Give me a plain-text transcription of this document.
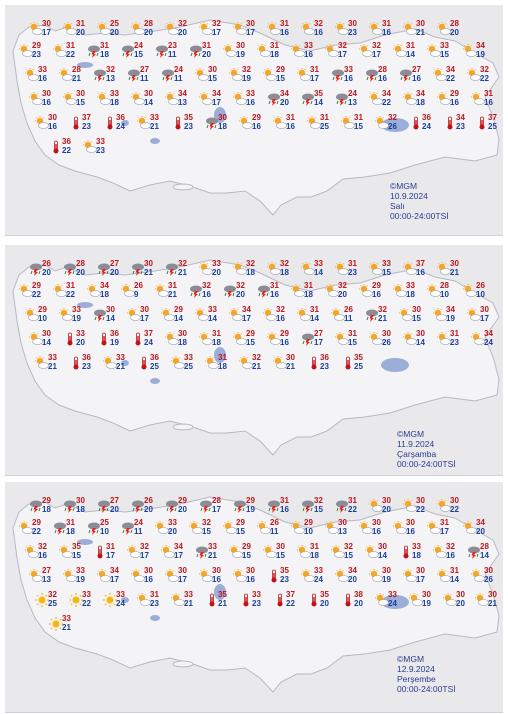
30
17
31
20
25
20
28
20
32
20
32
17
30
17
31
16
32
16
30
23
31
16
30
21
28
20
29
23
31
22
31
18
24
15
23
11
31
20
30
19
31
18
33
16
32
17
32
17
31
14
33
15
34
19
33
16
28
21
32
13
27
11
24
11
30
15
32
19
29
15
31
17
33
16
28
16
27
16
34
22
32
22
30
16
30
15
33
18
30
14
34
13
34
17
33
16
34
20
35
14
24
13
34
22
34
18
29
16
31
16
30
16
37
23
36
24
33
21
35
23
30
18
29
16
31
16
31
25
31
15
32
26
36
24
34
23
37
25
36
22
33
23
©MGM
10.9.2024
Salı
00:00-24:00TSİ
26
20
28
20
27
20
30
21
32
21
33
20
32
18
32
18
33
14
31
23
33
15
37
16
30
21
29
22
31
22
34
18
26
9
31
21
32
16
32
20
31
16
31
18
32
20
29
16
33
18
28
10
26
10
29
10
33
19
30
14
30
17
29
14
33
14
34
17
32
16
31
14
26
11
32
21
30
15
34
19
30
17
30
14
33
20
36
19
37
24
30
18
31
18
29
15
29
16
27
17
31
15
30
26
30
14
31
23
34
24
33
21
36
23
33
21
36
25
33
25
31
18
32
21
30
21
36
23
35
25
©MGM
11.9.2024
Çarşamba
00:00-24:00TSİ
29
18
30
18
27
20
26
20
29
20
28
17
29
19
31
16
32
15
31
22
30
20
30
22
30
22
29
22
31
18
25
10
24
11
33
20
32
15
29
15
26
11
29
10
30
13
30
16
30
16
31
17
34
20
32
16
35
15
31
17
32
17
34
17
33
21
29
15
30
15
31
18
32
15
30
14
33
18
32
16
28
14
27
13
33
19
34
17
30
16
30
17
30
16
30
16
35
23
33
24
34
20
30
19
30
17
31
14
30
26
32
25
33
22
33
24
31
23
33
21
35
21
33
23
37
22
35
20
38
20
33
24
30
19
30
20
30
21
33
21
©MGM
12.9.2024
Perşembe
00:00-24:00TSİ
